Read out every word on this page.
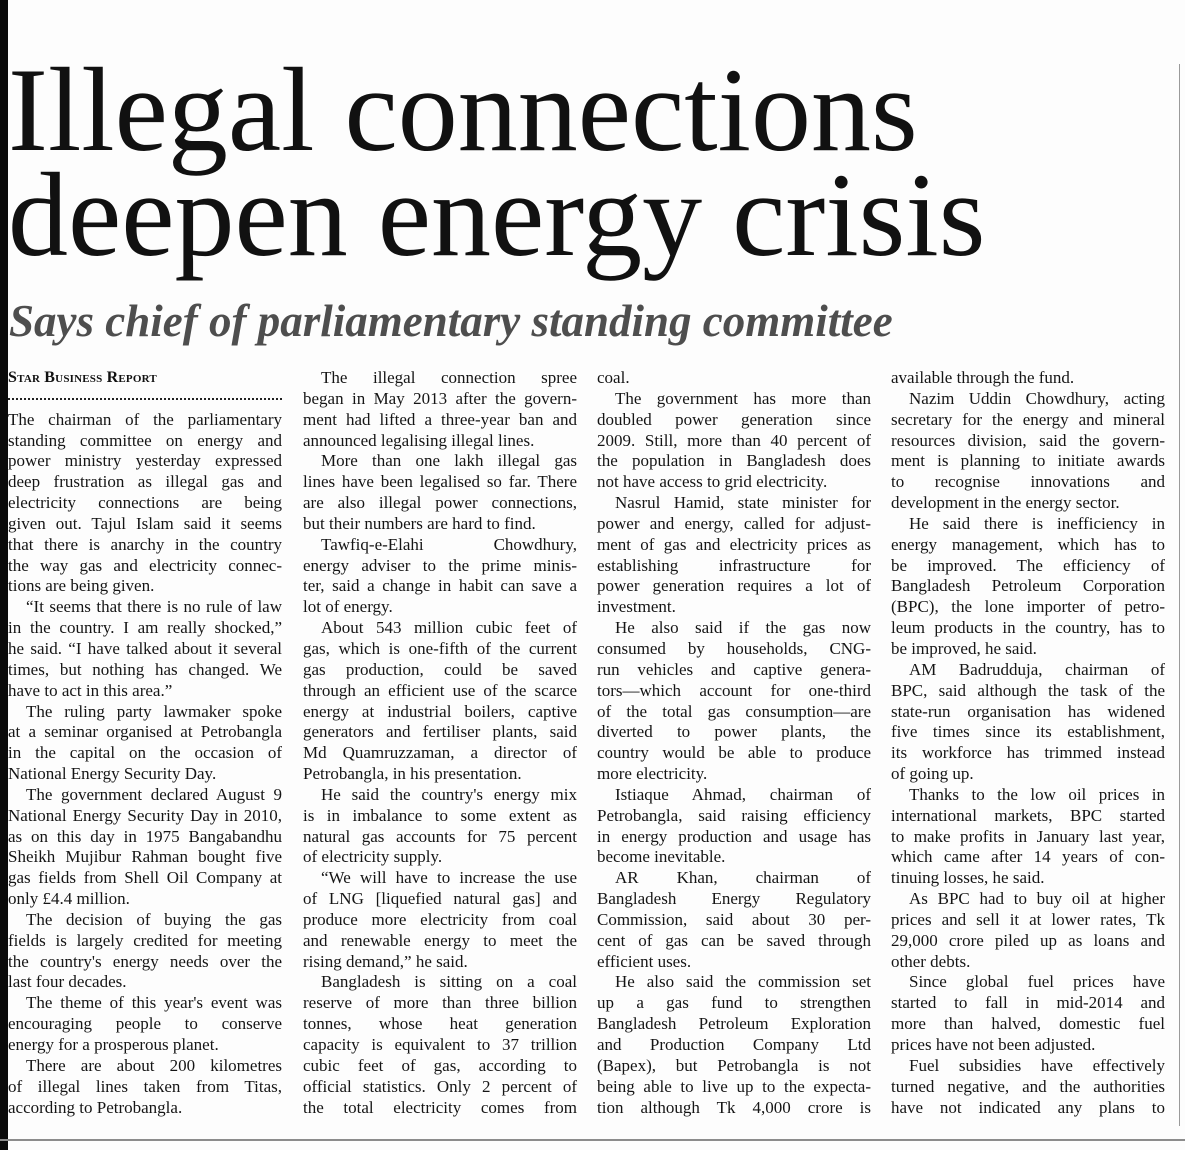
Illegal connections
deepen energy crisis
Says chief of parliamentary standing committee
Star Business Report
The chairman of the parliamentary
standing committee on energy and
power ministry yesterday expressed
deep frustration as illegal gas and
electricity connections are being
given out. Tajul Islam said it seems
that there is anarchy in the country
the way gas and electricity connec-
tions are being given.
“It seems that there is no rule of law
in the country. I am really shocked,”
he said. “I have talked about it several
times, but nothing has changed. We
have to act in this area.”
The ruling party lawmaker spoke
at a seminar organised at Petrobangla
in the capital on the occasion of
National Energy Security Day.
The government declared August 9
National Energy Security Day in 2010,
as on this day in 1975 Bangabandhu
Sheikh Mujibur Rahman bought five
gas fields from Shell Oil Company at
only £4.4 million.
The decision of buying the gas
fields is largely credited for meeting
the country's energy needs over the
last four decades.
The theme of this year's event was
encouraging people to conserve
energy for a prosperous planet.
There are about 200 kilometres
of illegal lines taken from Titas,
according to Petrobangla.
The illegal connection spree
began in May 2013 after the govern-
ment had lifted a three-year ban and
announced legalising illegal lines.
More than one lakh illegal gas
lines have been legalised so far. There
are also illegal power connections,
but their numbers are hard to find.
Tawfiq-e-Elahi Chowdhury,
energy adviser to the prime minis-
ter, said a change in habit can save a
lot of energy.
About 543 million cubic feet of
gas, which is one-fifth of the current
gas production, could be saved
through an efficient use of the scarce
energy at industrial boilers, captive
generators and fertiliser plants, said
Md Quamruzzaman, a director of
Petrobangla, in his presentation.
He said the country's energy mix
is in imbalance to some extent as
natural gas accounts for 75 percent
of electricity supply.
“We will have to increase the use
of LNG [liquefied natural gas] and
produce more electricity from coal
and renewable energy to meet the
rising demand,” he said.
Bangladesh is sitting on a coal
reserve of more than three billion
tonnes, whose heat generation
capacity is equivalent to 37 trillion
cubic feet of gas, according to
official statistics. Only 2 percent of
the total electricity comes from
coal.
The government has more than
doubled power generation since
2009. Still, more than 40 percent of
the population in Bangladesh does
not have access to grid electricity.
Nasrul Hamid, state minister for
power and energy, called for adjust-
ment of gas and electricity prices as
establishing infrastructure for
power generation requires a lot of
investment.
He also said if the gas now
consumed by households, CNG-
run vehicles and captive genera-
tors—which account for one-third
of the total gas consumption—are
diverted to power plants, the
country would be able to produce
more electricity.
Istiaque Ahmad, chairman of
Petrobangla, said raising efficiency
in energy production and usage has
become inevitable.
AR Khan, chairman of
Bangladesh Energy Regulatory
Commission, said about 30 per-
cent of gas can be saved through
efficient uses.
He also said the commission set
up a gas fund to strengthen
Bangladesh Petroleum Exploration
and Production Company Ltd
(Bapex), but Petrobangla is not
being able to live up to the expecta-
tion although Tk 4,000 crore is
available through the fund.
Nazim Uddin Chowdhury, acting
secretary for the energy and mineral
resources division, said the govern-
ment is planning to initiate awards
to recognise innovations and
development in the energy sector.
He said there is inefficiency in
energy management, which has to
be improved. The efficiency of
Bangladesh Petroleum Corporation
(BPC), the lone importer of petro-
leum products in the country, has to
be improved, he said.
AM Badrudduja, chairman of
BPC, said although the task of the
state-run organisation has widened
five times since its establishment,
its workforce has trimmed instead
of going up.
Thanks to the low oil prices in
international markets, BPC started
to make profits in January last year,
which came after 14 years of con-
tinuing losses, he said.
As BPC had to buy oil at higher
prices and sell it at lower rates, Tk
29,000 crore piled up as loans and
other debts.
Since global fuel prices have
started to fall in mid-2014 and
more than halved, domestic fuel
prices have not been adjusted.
Fuel subsidies have effectively
turned negative, and the authorities
have not indicated any plans to
